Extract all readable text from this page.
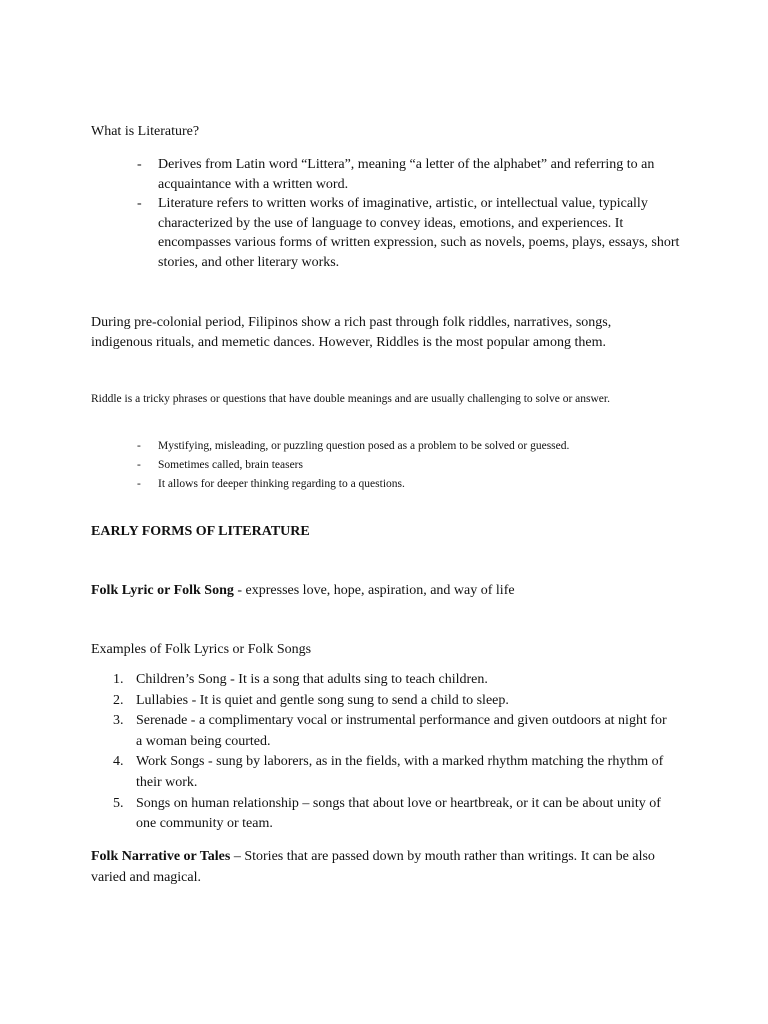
What is Literature?
- Derives from Latin word “Littera”, meaning “a letter of the alphabet” and referring to an acquaintance with a written word.
- Literature refers to written works of imaginative, artistic, or intellectual value, typically characterized by the use of language to convey ideas, emotions, and experiences. It encompasses various forms of written expression, such as novels, poems, plays, essays, short stories, and other literary works.

During pre-colonial period, Filipinos show a rich past through folk riddles, narratives, songs, indigenous rituals, and memetic dances. However, Riddles is the most popular among them.

Riddle is a tricky phrases or questions that have double meanings and are usually challenging to solve or answer.

- Mystifying, misleading, or puzzling question posed as a problem to be solved or guessed.
- Sometimes called, brain teasers
- It allows for deeper thinking regarding to a questions.
EARLY FORMS OF LITERATURE
Folk Lyric or Folk Song - expresses love, hope, aspiration, and way of life
Examples of Folk Lyrics or Folk Songs
1. Children’s Song - It is a song that adults sing to teach children.
2. Lullabies - It is quiet and gentle song sung to send a child to sleep.
3. Serenade - a complimentary vocal or instrumental performance and given outdoors at night for a woman being courted.
4. Work Songs - sung by laborers, as in the fields, with a marked rhythm matching the rhythm of their work.
5. Songs on human relationship – songs that about love or heartbreak, or it can be about unity of one community or team.

Folk Narrative or Tales – Stories that are passed down by mouth rather than writings. It can be also varied and magical.
